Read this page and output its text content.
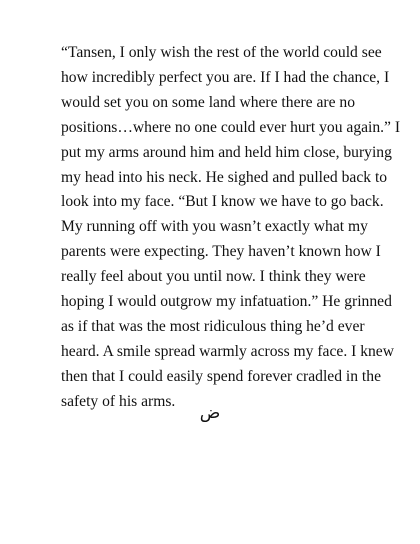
“Tansen, I only wish the rest of the world could see
how incredibly perfect you are. If I had the chance, I
would set you on some land where there are no
positions…where no one could ever hurt you again.” I
put my arms around him and held him close, burying
my head into his neck. He sighed and pulled back to
look into my face. “But I know we have to go back.
My running off with you wasn’t exactly what my
parents were expecting. They haven’t known how I
really feel about you until now. I think they were
hoping I would outgrow my infatuation.” He grinned
as if that was the most ridiculous thing he’d ever
heard. A smile spread warmly across my face. I knew
then that I could easily spend forever cradled in the
safety of his arms.
ض
